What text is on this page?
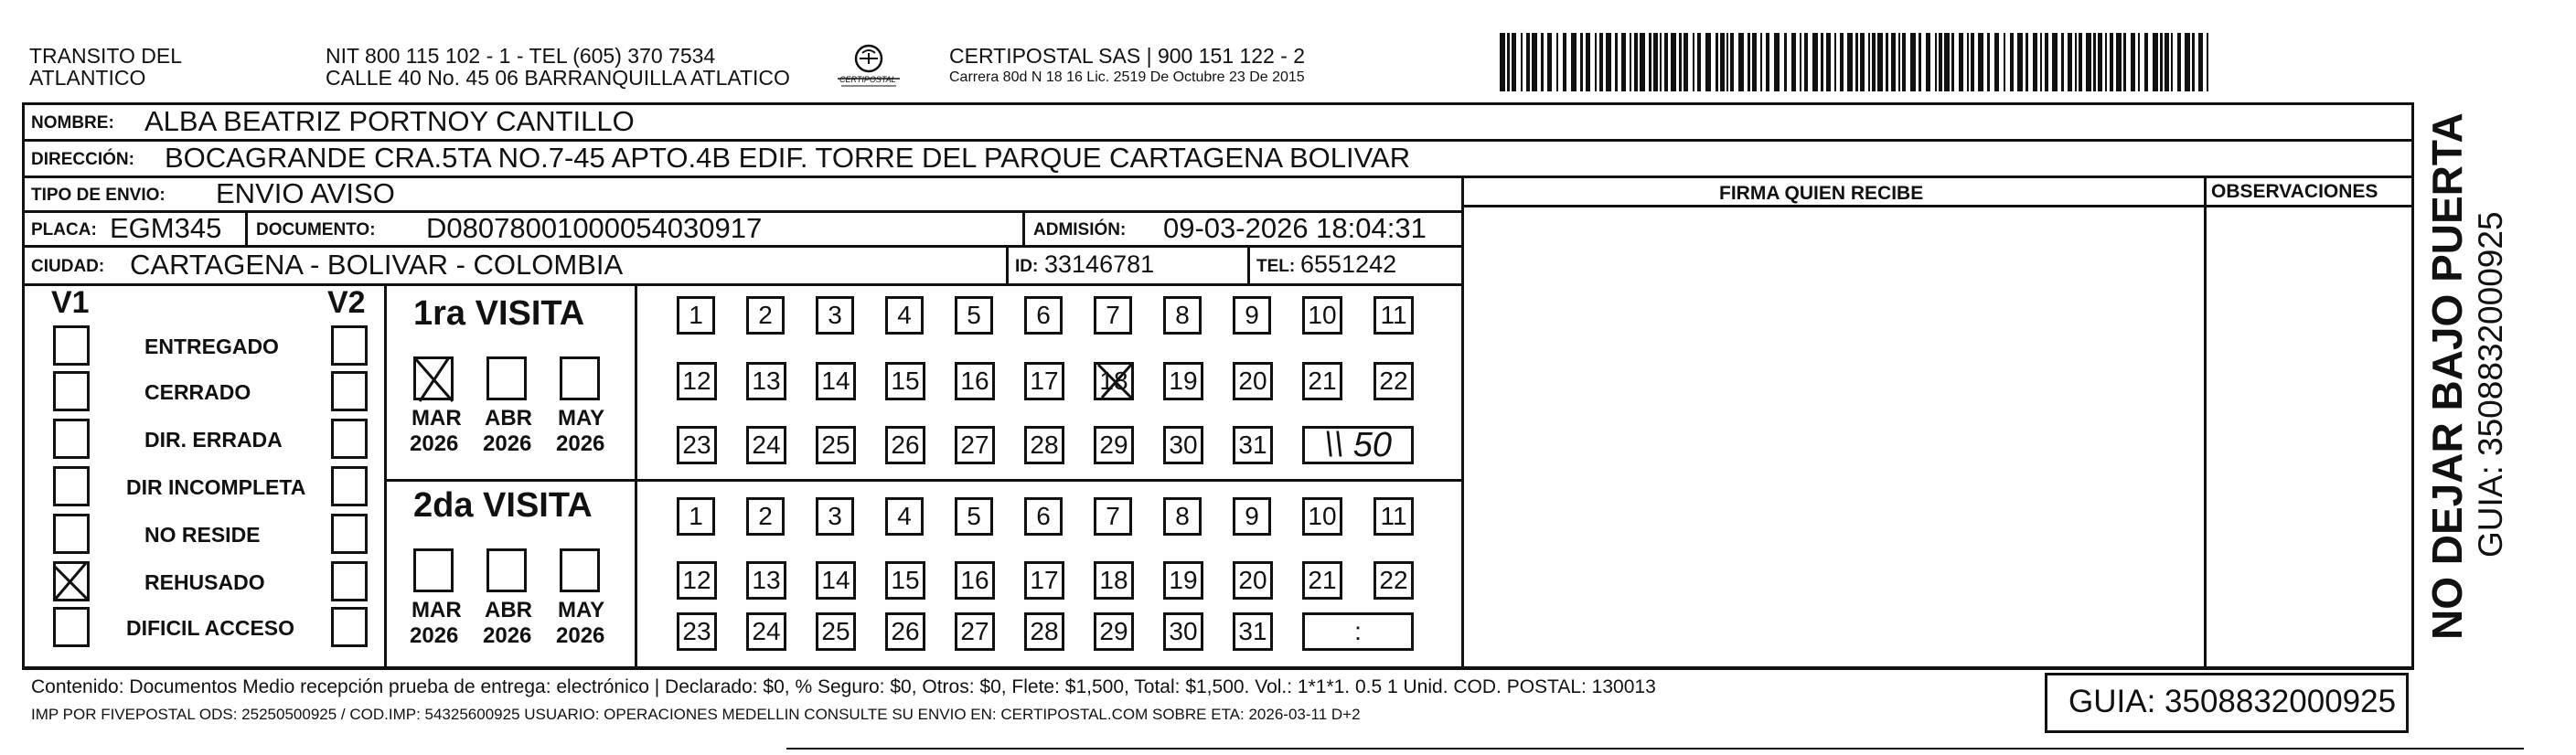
TRANSITO DEL
ATLANTICO
NIT 800 115 102 - 1 - TEL (605) 370 7534
CALLE 40 No. 45 06 BARRANQUILLA ATLATICO	CERTIPOSTAL
CERTIPOSTAL SAS | 900 151 122 - 2
Carrera 80d N 18 16 Lic. 2519 De Octubre 23 De 2015
NOMBRE: ALBA BEATRIZ PORTNOY CANTILLO
DIRECCIÓN: BOCAGRANDE CRA.5TA NO.7-45 APTO.4B EDIF. TORRE DEL PARQUE CARTAGENA BOLIVAR
TIPO DE ENVIO: ENVIO AVISO
PLACA: EGM345 DOCUMENTO: D08078001000054030917	ADMISIÓN: 09-03-2026 18:04:31
CIUDAD: CARTAGENA - BOLIVAR - COLOMBIA	ID: 33146781	TEL: 6551242
FIRMA QUIEN RECIBE	OBSERVACIONES
V1	V2
ENTREGADO
CERRADO
DIR. ERRADA
DIR INCOMPLETA
NO RESIDE
REHUSADO
DIFICIL ACCESO
1ra VISITA
2da VISITA
MAR
2026
ABR
2026
MAY
2026
MAR
2026
ABR
2026
MAY
2026
1	2	3	4	5	6	7	8	9	10 11
12 13 14 15 16 17 18 19 20 21 22
23 24 25 26 27 28 29 30 31	\\ 50
1	2	3	4	5	6	7	8	9	10 11
12 13 14 15 16 17 18 19 20 21 22
23 24 25 26 27 28 29 30 31	:
Contenido: Documentos Medio recepción prueba de entrega: electrónico | Declarado: $0, % Seguro: $0, Otros: $0, Flete: $1,500, Total: $1,500. Vol.: 1*1*1. 0.5 1 Unid. COD. POSTAL: 130013
IMP POR FIVEPOSTAL ODS: 25250500925 / COD.IMP: 54325600925 USUARIO: OPERACIONES MEDELLIN CONSULTE SU ENVIO EN: CERTIPOSTAL.COM SOBRE ETA: 2026-03-11 D+2	GUIA: 3508832000925
NO DEJAR BAJO PUERTA GUIA: 3508832000925
